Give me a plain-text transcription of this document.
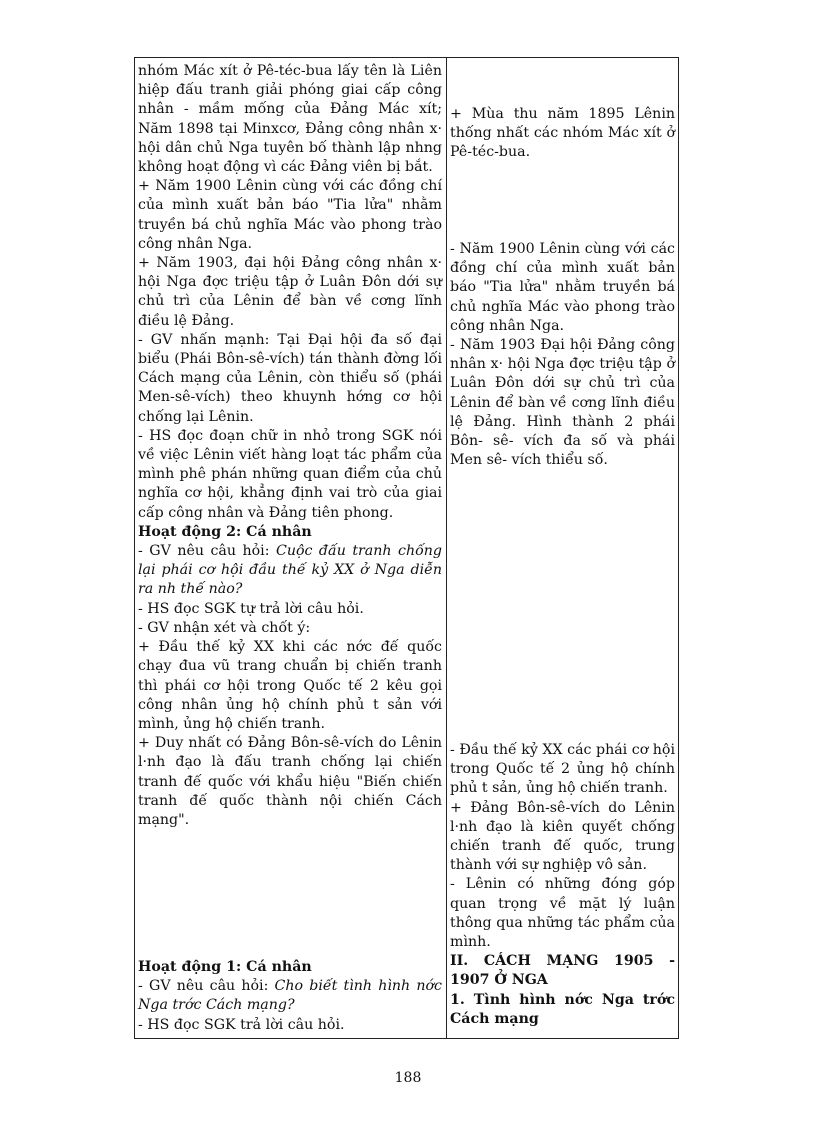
nhóm Mác xít ở Pê-téc-bua lấy tên là Liên hiệp đấu tranh giải phóng giai cấp công nhân - mầm mống của Đảng Mác xít; Năm 1898 tại Minxcơ, Đảng công nhân x· hội dân chủ Nga tuyên bố thành lập nhng không hoạt động vì các Đảng viên bị bắt.

+ Năm 1900 Lênin cùng với các đồng chí của mình xuất bản báo "Tia lửa" nhằm truyền bá chủ nghĩa Mác vào phong trào công nhân Nga.

+ Năm 1903, đại hội Đảng công nhân x· hội Nga đợc triệu tập ở Luân Đôn dới sự chủ trì của Lênin để bàn về cơng lĩnh điều lệ Đảng.

- GV nhấn mạnh: Tại Đại hội đa số đại biểu (Phái Bôn-sê-vích) tán thành đờng lối Cách mạng của Lênin, còn thiểu số (phái Men-sê-vích) theo khuynh hớng cơ hội chống lại Lênin.

- HS đọc đoạn chữ in nhỏ trong SGK nói về việc Lênin viết hàng loạt tác phẩm của mình phê phán những quan điểm của chủ nghĩa cơ hội, khẳng định vai trò của giai cấp công nhân và Đảng tiên phong.

Hoạt động 2: Cá nhân

- GV nêu câu hỏi: Cuộc đấu tranh chống lại phái cơ hội đầu thế kỷ XX ở Nga diễn ra nh thế nào?

- HS đọc SGK tự trả lời câu hỏi.

- GV nhận xét và chốt ý:

+ Đầu thế kỷ XX khi các nớc đế quốc chạy đua vũ trang chuẩn bị chiến tranh thì phái cơ hội trong Quốc tế 2 kêu gọi công nhân ủng hộ chính phủ t sản với mình, ủng hộ chiến tranh.

+ Duy nhất có Đảng Bôn-sê-vích do Lênin l·nh đạo là đấu tranh chống lại chiến tranh đế quốc với khẩu hiệu "Biến chiến tranh đế quốc thành nội chiến Cách mạng".

Hoạt động 1: Cá nhân

- GV nêu câu hỏi: Cho biết tình hình nớc Nga trớc Cách mạng?

- HS đọc SGK trả lời câu hỏi.

+ Mùa thu năm 1895 Lênin thống nhất các nhóm Mác xít ở Pê-téc-bua.

- Năm 1900 Lênin cùng với các đồng chí của mình xuất bản báo "Tia lửa" nhằm truyền bá chủ nghĩa Mác vào phong trào công nhân Nga.

- Năm 1903 Đại hội Đảng công nhân x· hội Nga đợc triệu tập ở Luân Đôn dới sự chủ trì của Lênin để bàn về cơng lĩnh điều lệ Đảng. Hình thành 2 phái Bôn- sê- vích đa số và phái Men sê- vích thiểu số.

- Đầu thế kỷ XX các phái cơ hội trong Quốc tế 2 ủng hộ chính phủ t sản, ủng hộ chiến tranh.

+ Đảng Bôn-sê-vích do Lênin l·nh đạo là kiên quyết chống chiến tranh đế quốc, trung thành với sự nghiệp vô sản.

- Lênin có những đóng góp quan trọng về mặt lý luận thông qua những tác phẩm của mình.

II. CÁCH MẠNG 1905 - 1907 Ở NGA

1. Tình hình nớc Nga trớc Cách mạng

188
